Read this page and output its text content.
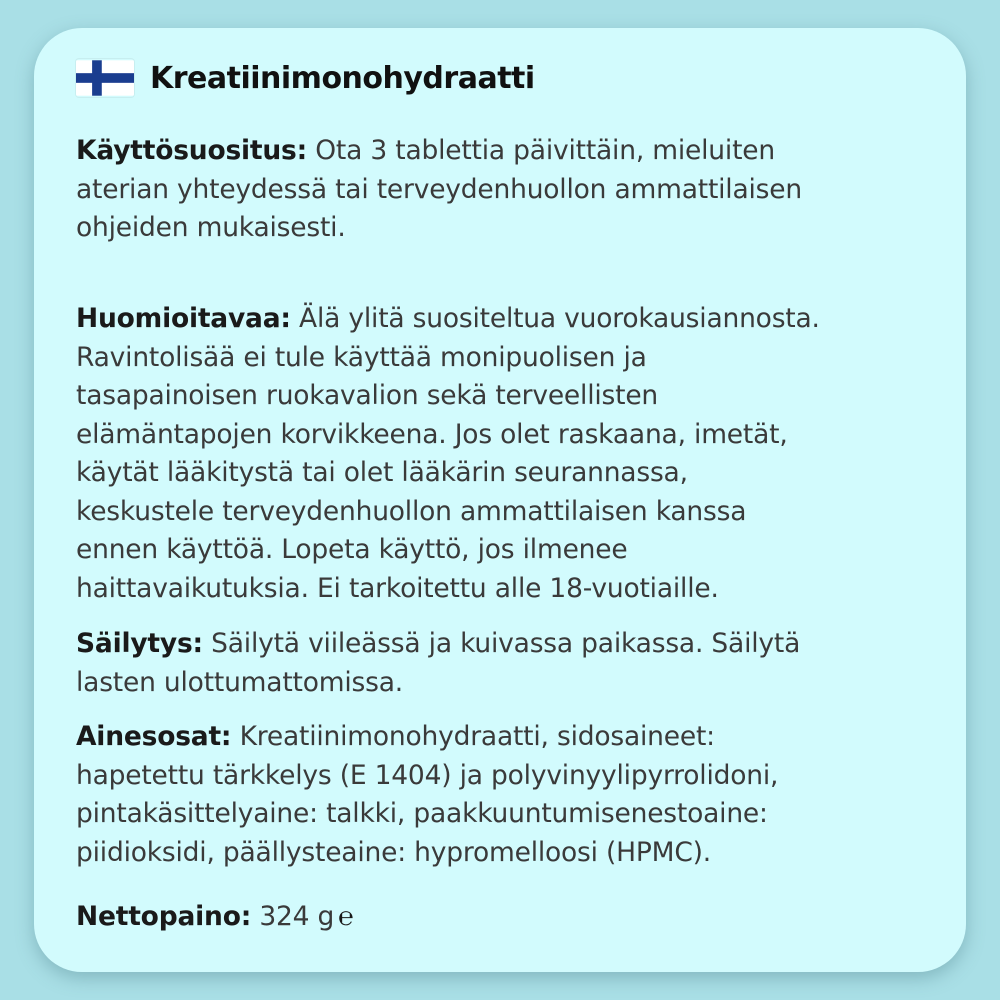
Kreatiinimonohydraatti
Käyttösuositus: Ota 3 tablettia päivittäin, mieluiten
aterian yhteydessä tai terveydenhuollon ammattilaisen
ohjeiden mukaisesti.
Huomioitavaa: Älä ylitä suositeltua vuorokausiannosta.
Ravintolisää ei tule käyttää monipuolisen ja
tasapainoisen ruokavalion sekä terveellisten
elämäntapojen korvikkeena. Jos olet raskaana, imetät,
käytät lääkitystä tai olet lääkärin seurannassa,
keskustele terveydenhuollon ammattilaisen kanssa
ennen käyttöä. Lopeta käyttö, jos ilmenee
haittavaikutuksia. Ei tarkoitettu alle 18-vuotiaille.
Säilytys: Säilytä viileässä ja kuivassa paikassa. Säilytä
lasten ulottumattomissa.
Ainesosat: Kreatiinimonohydraatti, sidosaineet:
hapetettu tärkkelys (E 1404) ja polyvinyylipyrrolidoni,
pintakäsittelyaine: talkki, paakkuuntumisenestoaine:
piidioksidi, päällysteaine: hypromelloosi (HPMC).
Nettopaino: 324 g ℮
